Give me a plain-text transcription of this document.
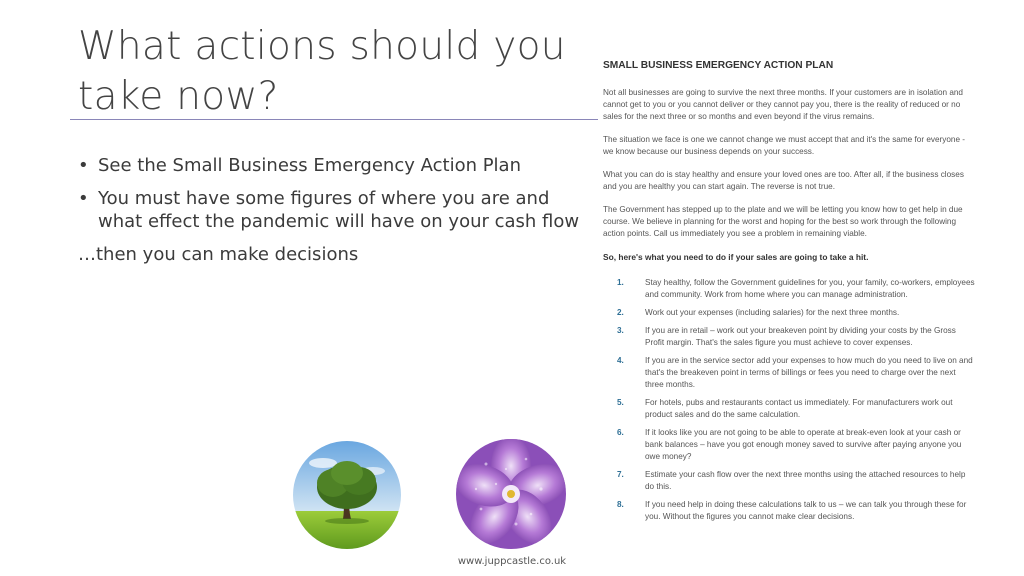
What actions should you
take now?
• See the Small Business Emergency Action Plan
• You must have some figures of where you are and what effect the pandemic will have on your cash flow
…then you can make decisions
SMALL BUSINESS EMERGENCY ACTION PLAN

Not all businesses are going to survive the next three months. If your customers are in isolation and cannot get to you or you cannot deliver or they cannot pay you, there is the reality of reduced or no sales for the next three or so months and even beyond if the virus remains.

The situation we face is one we cannot change we must accept that and it's the same for everyone - we know because our business depends on your success.

What you can do is stay healthy and ensure your loved ones are too. After all, if the business closes and you are healthy you can start again. The reverse is not true.

The Government has stepped up to the plate and we will be letting you know how to get help in due course. We believe in planning for the worst and hoping for the best so work through the following action points. Call us immediately you see a problem in remaining viable.

So, here's what you need to do if your sales are going to take a hit.
1.	Stay healthy, follow the Government guidelines for you, your family, co-workers, employees and community. Work from home where you can manage administration.
2.	Work out your expenses (including salaries) for the next three months.
3.	If you are in retail – work out your breakeven point by dividing your costs by the Gross Profit margin. That's the sales figure you must achieve to cover expenses.
4.	If you are in the service sector add your expenses to how much do you need to live on and that's the breakeven point in terms of billings or fees you need to charge over the next three months.
5.	For hotels, pubs and restaurants contact us immediately. For manufacturers work out product sales and do the same calculation.
6.	If it looks like you are not going to be able to operate at break-even look at your cash or bank balances – have you got enough money saved to survive after paying anyone you owe money?
7.	Estimate your cash flow over the next three months using the attached resources to help do this.
8.	If you need help in doing these calculations talk to us – we can talk you through these for you. Without the figures you cannot make clear decisions.
www.juppcastle.co.uk
